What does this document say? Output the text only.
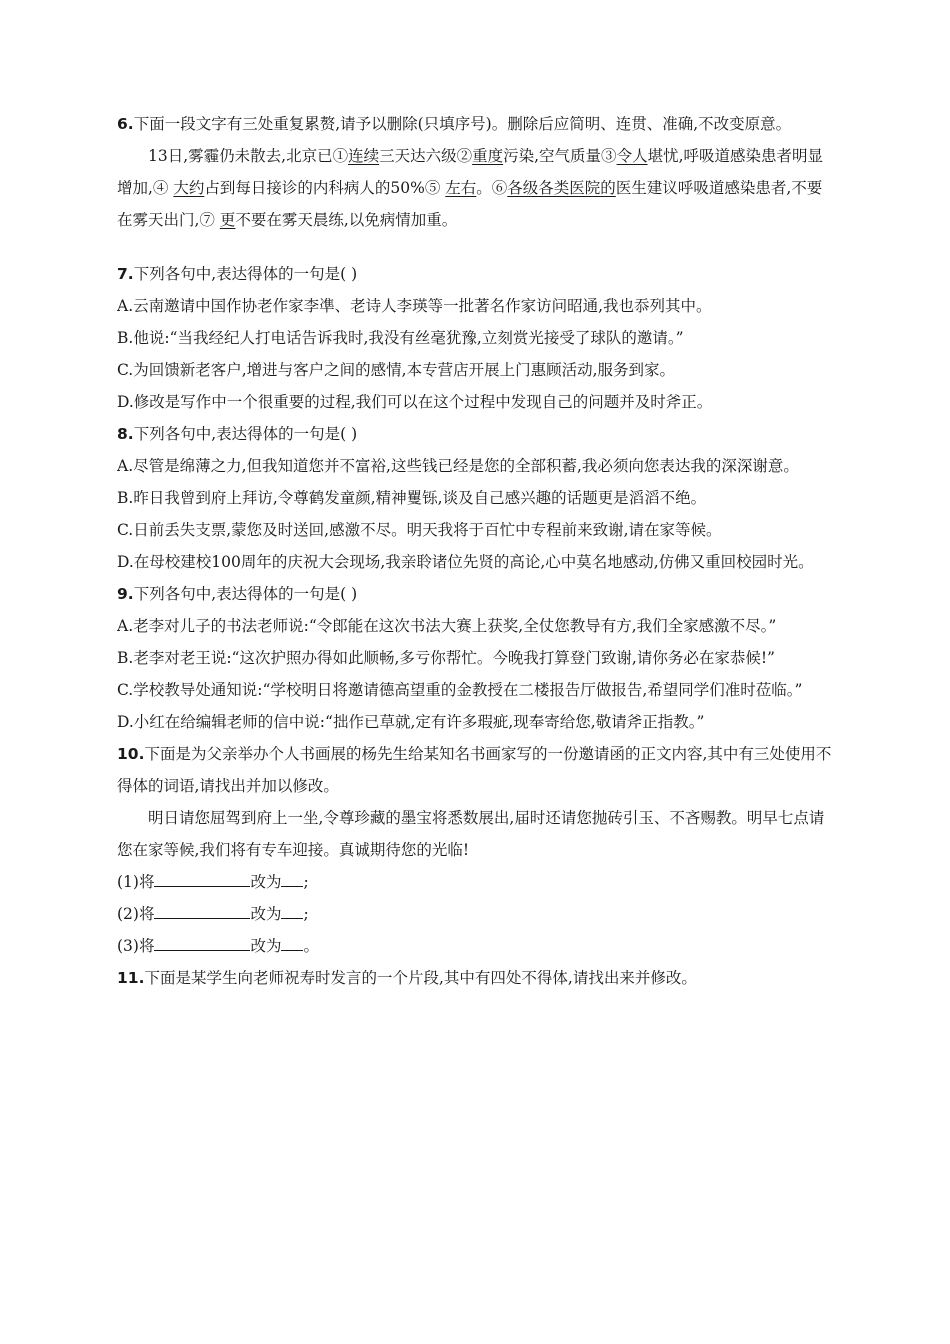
6.下面一段文字有三处重复累赘,请予以删除(只填序号)。删除后应简明、连贯、准确,不改变原意。
13日,雾霾仍未散去,北京已①连续三天达六级②重度污染,空气质量③令人堪忧,呼吸道感染患者明显增加,④ 大约占到每日接诊的内科病人的50%⑤ 左右。⑥各级各类医院的医生建议呼吸道感染患者,不要在雾天出门,⑦ 更不要在雾天晨练,以免病情加重。
7.下列各句中,表达得体的一句是( )
A.云南邀请中国作协老作家李凖、老诗人李瑛等一批著名作家访问昭通,我也忝列其中。
B.他说:“当我经纪人打电话告诉我时,我没有丝毫犹豫,立刻赏光接受了球队的邀请。”
C.为回馈新老客户,增进与客户之间的感情,本专营店开展上门惠顾活动,服务到家。
D.修改是写作中一个很重要的过程,我们可以在这个过程中发现自己的问题并及时斧正。
8.下列各句中,表达得体的一句是( )
A.尽管是绵薄之力,但我知道您并不富裕,这些钱已经是您的全部积蓄,我必须向您表达我的深深谢意。
B.昨日我曾到府上拜访,令尊鹤发童颜,精神矍铄,谈及自己感兴趣的话题更是滔滔不绝。
C.日前丢失支票,蒙您及时送回,感激不尽。明天我将于百忙中专程前来致谢,请在家等候。
D.在母校建校100周年的庆祝大会现场,我亲聆诸位先贤的高论,心中莫名地感动,仿佛又重回校园时光。
9.下列各句中,表达得体的一句是( )
A.老李对儿子的书法老师说:“令郎能在这次书法大赛上获奖,全仗您教导有方,我们全家感激不尽。”
B.老李对老王说:“这次护照办得如此顺畅,多亏你帮忙。今晚我打算登门致谢,请你务必在家恭候!”
C.学校教导处通知说:“学校明日将邀请德高望重的金教授在二楼报告厅做报告,希望同学们准时莅临。”
D.小红在给编辑老师的信中说:“拙作已草就,定有许多瑕疵,现奉寄给您,敬请斧正指教。”
10.下面是为父亲举办个人书画展的杨先生给某知名书画家写的一份邀请函的正文内容,其中有三处使用不得体的词语,请找出并加以修改。
明日请您屈驾到府上一坐,令尊珍藏的墨宝将悉数展出,届时还请您抛砖引玉、不吝赐教。明早七点请您在家等候,我们将有专车迎接。真诚期待您的光临!
(1)将	改为 ;
(2)将	改为 ;
(3)将	改为 。
11.下面是某学生向老师祝寿时发言的一个片段,其中有四处不得体,请找出来并修改。
